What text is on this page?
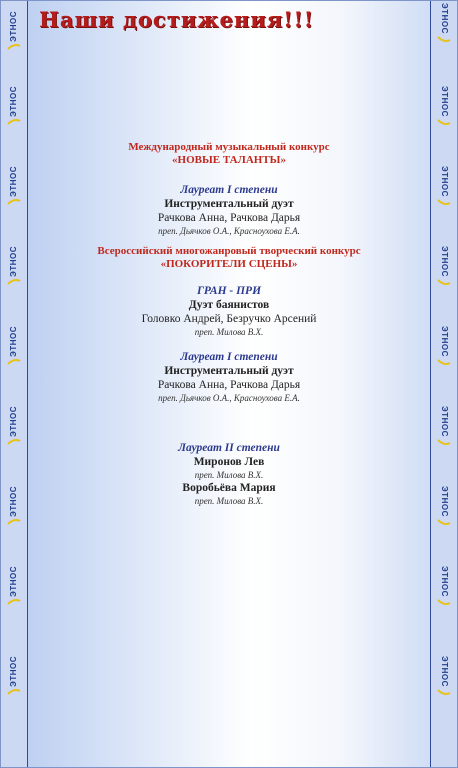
ЭТНОС
ЭТНОС
ЭТНОС
ЭТНОС
ЭТНОС
ЭТНОС
ЭТНОС
ЭТНОС
ЭТНОС
ЭТНОС
ЭТНОС
ЭТНОС
ЭТНОС
ЭТНОС
ЭТНОС
ЭТНОС
ЭТНОС
ЭТНОС
Наши достижения!!!
Международный музыкальный конкурс
«НОВЫЕ ТАЛАНТЫ»
Лауреат I степени
Инструментальный дуэт
Рачкова Анна, Рачкова Дарья
преп. Дьячков О.А., Красноухова Е.А.
Всероссийский многожанровый творческий конкурс
«ПОКОРИТЕЛИ СЦЕНЫ»
ГРАН - ПРИ
Дуэт баянистов
Головко Андрей, Безручко Арсений
преп. Милова В.Х.
Лауреат I степени
Инструментальный дуэт
Рачкова Анна, Рачкова Дарья
преп. Дьячков О.А., Красноухова Е.А.
Лауреат II степени
Миронов Лев
преп. Милова В.Х.
Воробьёва Мария
преп. Милова В.Х.
